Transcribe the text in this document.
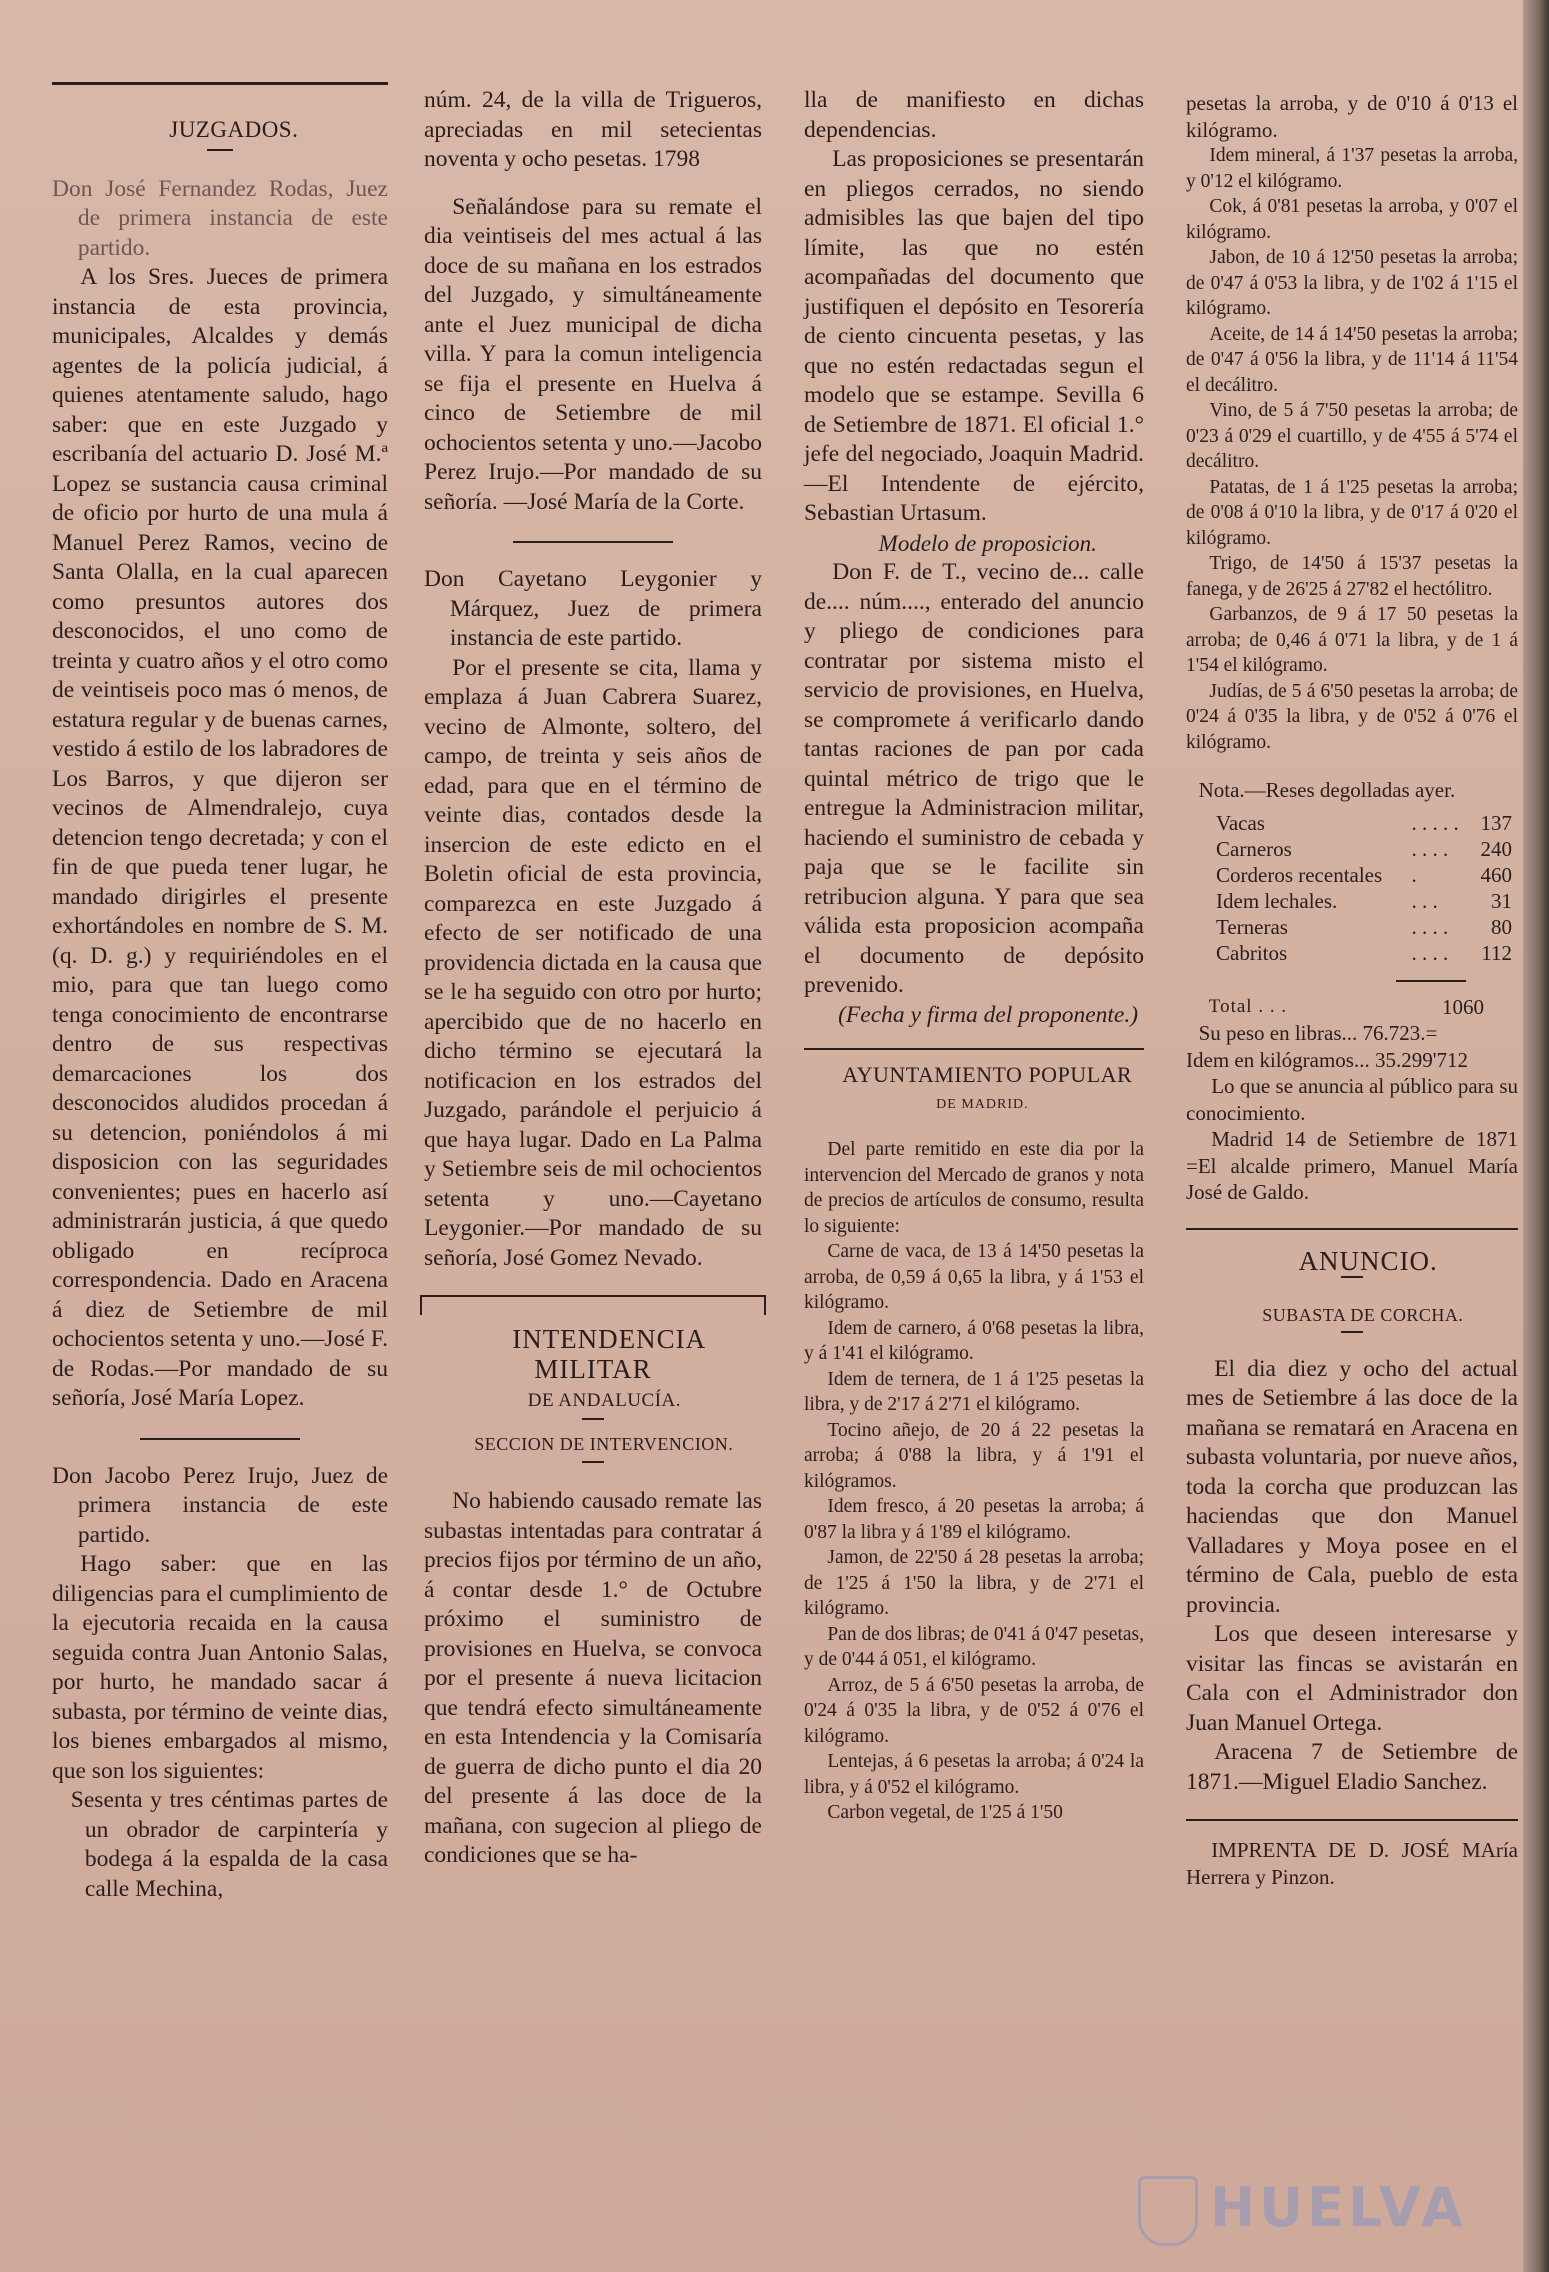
JUZGADOS.

Don José Fernandez Rodas, Juez de primera instancia de este partido.

A los Sres. Jueces de primera instancia de esta provincia, municipales, Alcaldes y demás agentes de la policía judicial, á quienes atentamente saludo, hago saber: que en este Juzgado y escribanía del actuario D. José M.ª Lopez se sustancia causa criminal de oficio por hurto de una mula á Manuel Perez Ramos, vecino de Santa Olalla, en la cual aparecen como presuntos autores dos desconocidos, el uno como de treinta y cuatro años y el otro como de veintiseis poco mas ó menos, de estatura regular y de buenas carnes, vestido á estilo de los labradores de Los Barros, y que dijeron ser vecinos de Almendralejo, cuya detencion tengo decretada; y con el fin de que pueda tener lugar, he mandado dirigirles el presente exhortándoles en nombre de S. M. (q. D. g.) y requiriéndoles en el mio, para que tan luego como tenga conocimiento de encontrarse dentro de sus respectivas demarcaciones los dos desconocidos aludidos procedan á su detencion, poniéndolos á mi disposicion con las seguridades convenientes; pues en hacerlo así administrarán justicia, á que quedo obligado en recíproca correspondencia. Dado en Aracena á diez de Setiembre de mil ochocientos setenta y uno.—José F. de Rodas.—Por mandado de su señoría, José María Lopez.

Don Jacobo Perez Irujo, Juez de primera instancia de este partido.

Hago saber: que en las diligencias para el cumplimiento de la ejecutoria recaida en la causa seguida contra Juan Antonio Salas, por hurto, he mandado sacar á subasta, por término de veinte dias, los bienes embargados al mismo, que son los siguientes:

Sesenta y tres céntimas partes de un obrador de carpintería y bodega á la espalda de la casa calle Mechina,

núm. 24, de la villa de Trigueros, apreciadas en mil setecientas noventa y ocho pesetas. 1798

Señalándose para su remate el dia veintiseis del mes actual á las doce de su mañana en los estrados del Juzgado, y simultáneamente ante el Juez municipal de dicha villa. Y para la comun inteligencia se fija el presente en Huelva á cinco de Setiembre de mil ochocientos setenta y uno.—Jacobo Perez Irujo.—Por mandado de su señoría. —José María de la Corte.

Don Cayetano Leygonier y Márquez, Juez de primera instancia de este partido.

Por el presente se cita, llama y emplaza á Juan Cabrera Suarez, vecino de Almonte, soltero, del campo, de treinta y seis años de edad, para que en el término de veinte dias, contados desde la insercion de este edicto en el Boletin oficial de esta provincia, comparezca en este Juzgado á efecto de ser notificado de una providencia dictada en la causa que se le ha seguido con otro por hurto; apercibido que de no hacerlo en dicho término se ejecutará la notificacion en los estrados del Juzgado, parándole el perjuicio á que haya lugar. Dado en La Palma y Setiembre seis de mil ochocientos setenta y uno.—Cayetano Leygonier.—Por mandado de su señoría, José Gomez Nevado.

INTENDENCIA MILITAR

DE ANDALUCÍA.

SECCION DE INTERVENCION.

No habiendo causado remate las subastas intentadas para contratar á precios fijos por término de un año, á contar desde 1.° de Octubre próximo el suministro de provisiones en Huelva, se convoca por el presente á nueva licitacion que tendrá efecto simultáneamente en esta Intendencia y la Comisaría de guerra de dicho punto el dia 20 del presente á las doce de la mañana, con sugecion al pliego de condiciones que se ha-

lla de manifiesto en dichas dependencias.

Las proposiciones se presentarán en pliegos cerrados, no siendo admisibles las que bajen del tipo límite, las que no estén acompañadas del documento que justifiquen el depósito en Tesorería de ciento cincuenta pesetas, y las que no estén redactadas segun el modelo que se estampe. Sevilla 6 de Setiembre de 1871. El oficial 1.° jefe del negociado, Joaquin Madrid.—El Intendente de ejército, Sebastian Urtasum.

Modelo de proposicion.

Don F. de T., vecino de... calle de.... núm...., enterado del anuncio y pliego de condiciones para contratar por sistema misto el servicio de provisiones, en Huelva, se compromete á verificarlo dando tantas raciones de pan por cada quintal métrico de trigo que le entregue la Administracion militar, haciendo el suministro de cebada y paja que se le facilite sin retribucion alguna. Y para que sea válida esta proposicion acompaña el documento de depósito prevenido.

(Fecha y firma del proponente.)

AYUNTAMIENTO POPULAR

DE MADRID.

Del parte remitido en este dia por la intervencion del Mercado de granos y nota de precios de artículos de consumo, resulta lo siguiente:

Carne de vaca, de 13 á 14'50 pesetas la arroba, de 0,59 á 0,65 la libra, y á 1'53 el kilógramo.

Idem de carnero, á 0'68 pesetas la libra, y á 1'41 el kilógramo.

Idem de ternera, de 1 á 1'25 pesetas la libra, y de 2'17 á 2'71 el kilógramo.

Tocino añejo, de 20 á 22 pesetas la arroba; á 0'88 la libra, y á 1'91 el kilógramos.

Idem fresco, á 20 pesetas la arroba; á 0'87 la libra y á 1'89 el kilógramo.

Jamon, de 22'50 á 28 pesetas la arroba; de 1'25 á 1'50 la libra, y de 2'71 el kilógramo.

Pan de dos libras; de 0'41 á 0'47 pesetas, y de 0'44 á 051, el kilógramo.

Arroz, de 5 á 6'50 pesetas la arroba, de 0'24 á 0'35 la libra, y de 0'52 á 0'76 el kilógramo.

Lentejas, á 6 pesetas la arroba; á 0'24 la libra, y á 0'52 el kilógramo.

Carbon vegetal, de 1'25 á 1'50

pesetas la arroba, y de 0'10 á 0'13 el kilógramo.

Idem mineral, á 1'37 pesetas la arroba, y 0'12 el kilógramo.

Cok, á 0'81 pesetas la arroba, y 0'07 el kilógramo.

Jabon, de 10 á 12'50 pesetas la arroba; de 0'47 á 0'53 la libra, y de 1'02 á 1'15 el kilógramo.

Aceite, de 14 á 14'50 pesetas la arroba; de 0'47 á 0'56 la libra, y de 11'14 á 11'54 el decálitro.

Vino, de 5 á 7'50 pesetas la arroba; de 0'23 á 0'29 el cuartillo, y de 4'55 á 5'74 el decálitro.

Patatas, de 1 á 1'25 pesetas la arroba; de 0'08 á 0'10 la libra, y de 0'17 á 0'20 el kilógramo.

Trigo, de 14'50 á 15'37 pesetas la fanega, y de 26'25 á 27'82 el hectólitro.

Garbanzos, de 9 á 17 50 pesetas la arroba; de 0,46 á 0'71 la libra, y de 1 á 1'54 el kilógramo.

Judías, de 5 á 6'50 pesetas la arroba; de 0'24 á 0'35 la libra, y de 0'52 á 0'76 el kilógramo.

Nota.—Reses degolladas ayer.

Vacas	. . . . .	137
Carneros	. . . .	240
Corderos recentales	.	460
Idem lechales.	. . .	31
Terneras	. . . .	80
Cabritos	. . . .	112

Total . . .	1060

Su peso en libras... 76.723.=

Idem en kilógramos... 35.299'712

Lo que se anuncia al público para su conocimiento.

Madrid 14 de Setiembre de 1871 =El alcalde primero, Manuel María José de Galdo.

ANUNCIO.

SUBASTA DE CORCHA.

El dia diez y ocho del actual mes de Setiembre á las doce de la mañana se rematará en Aracena en subasta voluntaria, por nueve años, toda la corcha que produzcan las haciendas que don Manuel Valladares y Moya posee en el término de Cala, pueblo de esta provincia.

Los que deseen interesarse y visitar las fincas se avistarán en Cala con el Administrador don Juan Manuel Ortega.

Aracena 7 de Setiembre de 1871.—Miguel Eladio Sanchez.

IMPRENTA DE D. JOSÉ MAría Herrera y Pinzon.

HUELVA
